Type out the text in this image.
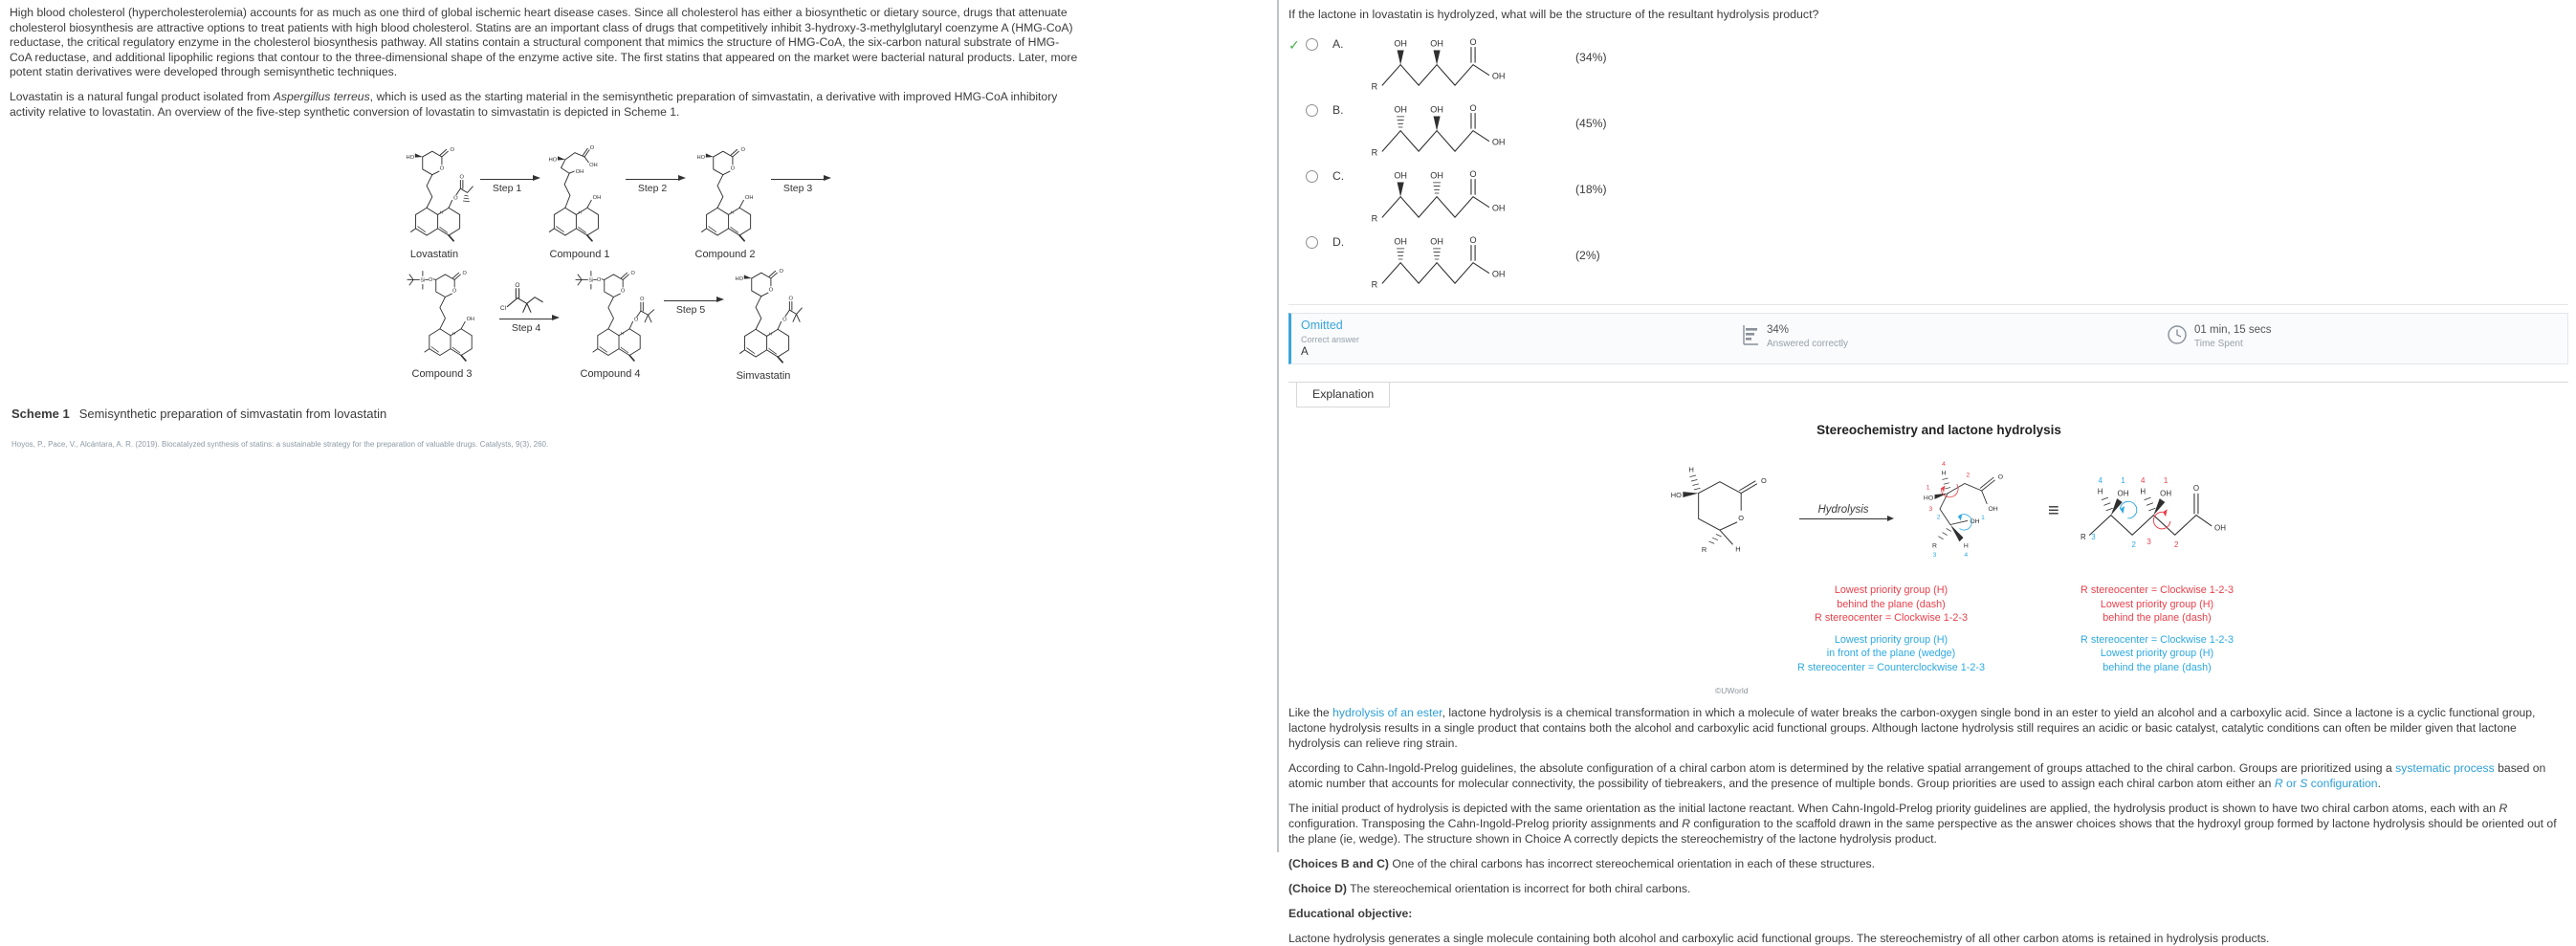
High blood cholesterol (hypercholesterolemia) accounts for as much as one third of global ischemic heart disease cases. Since all cholesterol has either a biosynthetic or dietary source, drugs that attenuate cholesterol biosynthesis are attractive options to treat patients with high blood cholesterol. Statins are an important class of drugs that competitively inhibit 3-hydroxy-3-methylglutaryl coenzyme A (HMG-CoA) reductase, the critical regulatory enzyme in the cholesterol biosynthesis pathway. All statins contain a structural component that mimics the structure of HMG-CoA, the six-carbon natural substrate of HMG-CoA reductase, and additional lipophilic regions that contour to the three-dimensional shape of the enzyme active site. The first statins that appeared on the market were bacterial natural products. Later, more potent statin derivatives were developed through semisynthetic techniques.

Lovastatin is a natural fungal product isolated from Aspergillus terreus, which is used as the starting material in the semisynthetic preparation of simvastatin, a derivative with improved HMG-CoA inhibitory activity relative to lovastatin. An overview of the five-step synthetic conversion of lovastatin to simvastatin is depicted in Scheme 1.

HO
O
O
Lovastatin
Step 1
OH
Compound 1
Step 2
HO
OH
Compound 2
Step 3
O
Si
OH
Compound 3
Cl
O
Step 4
O
Si
O
O
Compound 4
Step 5
HO
O
O
Simvastatin
Scheme 1 Semisynthetic preparation of simvastatin from lovastatin
Hoyos, P., Pace, V., Alcántara, A. R. (2019). Biocatalyzed synthesis of statins: a sustainable strategy for the preparation of valuable drugs. Catalysts, 9(3), 260.
If the lactone in lovastatin is hydrolyzed, what will be the structure of the resultant hydrolysis product?
✓	A.	O
R
OH OH
OH
(34%)
B.	O
R
OH OH
OH
(45%)
C.	O
R
OH OH
OH
(18%)
D.	O
R
OH OH
OH
(2%)
Omitted
Correct answer
A
34%
Answered correctly
01 min, 15 secs
Time Spent
Explanation
Stereochemistry and lactone hydrolysis
O
O
H
HO
R	H
Hydrolysis
H
4
HO
1
2	O
OH
3
2
OH
1
R
3
H
4
≡
R
OH
O
H
4
OH
1
H
4
OH
1
3
2 3 2
Lowest priority group (H)
behind the plane (dash)
R stereocenter = Clockwise 1-2-3
R stereocenter = Clockwise 1-2-3
Lowest priority group (H)
behind the plane (dash)
Lowest priority group (H)
in front of the plane (wedge)
R stereocenter = Counterclockwise 1-2-3
R stereocenter = Clockwise 1-2-3
Lowest priority group (H)
behind the plane (dash)
©UWorld

Like the hydrolysis of an ester, lactone hydrolysis is a chemical transformation in which a molecule of water breaks the carbon-oxygen single bond in an ester to yield an alcohol and a carboxylic acid. Since a lactone is a cyclic functional group, lactone hydrolysis results in a single product that contains both the alcohol and carboxylic acid functional groups. Although lactone hydrolysis still requires an acidic or basic catalyst, catalytic conditions can often be milder given that lactone hydrolysis can relieve ring strain.

According to Cahn-Ingold-Prelog guidelines, the absolute configuration of a chiral carbon atom is determined by the relative spatial arrangement of groups attached to the chiral carbon. Groups are prioritized using a systematic process based on atomic number that accounts for molecular connectivity, the possibility of tiebreakers, and the presence of multiple bonds. Group priorities are used to assign each chiral carbon atom either an R or S configuration.

The initial product of hydrolysis is depicted with the same orientation as the initial lactone reactant. When Cahn-Ingold-Prelog priority guidelines are applied, the hydrolysis product is shown to have two chiral carbon atoms, each with an R configuration. Transposing the Cahn-Ingold-Prelog priority assignments and R configuration to the scaffold drawn in the same perspective as the answer choices shows that the hydroxyl group formed by lactone hydrolysis should be oriented out of the plane (ie, wedge). The structure shown in Choice A correctly depicts the stereochemistry of the lactone hydrolysis product.

(Choices B and C) One of the chiral carbons has incorrect stereochemical orientation in each of these structures.

(Choice D) The stereochemical orientation is incorrect for both chiral carbons.

Educational objective:

Lactone hydrolysis generates a single molecule containing both alcohol and carboxylic acid functional groups. The stereochemistry of all other carbon atoms is retained in hydrolysis products.
